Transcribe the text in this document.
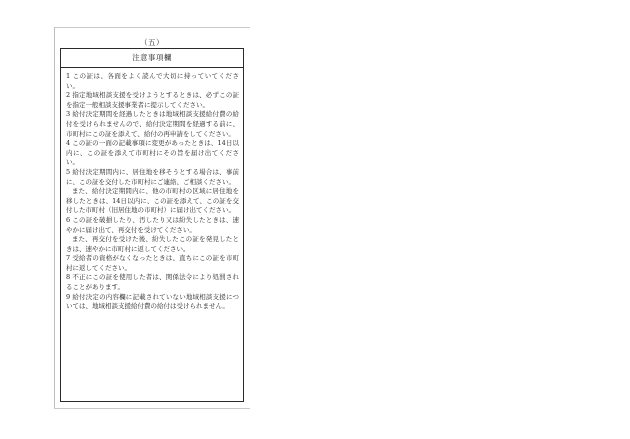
（五）
注意事項欄

1 この証は、各面をよく読んで大切に持っていてください。

2 指定地域相談支援を受けようとするときは、必ずこの証を指定一般相談支援事業者に提示してください。

3 給付決定期間を経過したときは地域相談支援給付費の給付を受けられませんので、給付決定期間を経過する前に、市町村にこの証を添えて、給付の再申請をしてください。

4 この証の一面の記載事項に変更があったときは、14日以内に、この証を添えて市町村にその旨を届け出てください。

5 給付決定期間内に、居住地を移そうとする場合は、事前に、この証を交付した市町村にご連絡、ご相談ください。

また、給付決定期間内に、他の市町村の区域に居住地を移したときは、14日以内に、この証を添えて、この証を交付した市町村（旧居住地の市町村）に届け出てください。

6 この証を破損したり、汚したり又は紛失したときは、速やかに届け出て、再交付を受けてください。

また、再交付を受けた後、紛失したこの証を発見したときは、速やかに市町村に返してください。

7 受給者の資格がなくなったときは、直ちにこの証を市町村に返してください。

8 不正にこの証を使用した者は、関係法令により処罰されることがあります。

9 給付決定の内容欄に記載されていない地域相談支援については、地域相談支援給付費の給付は受けられません。
